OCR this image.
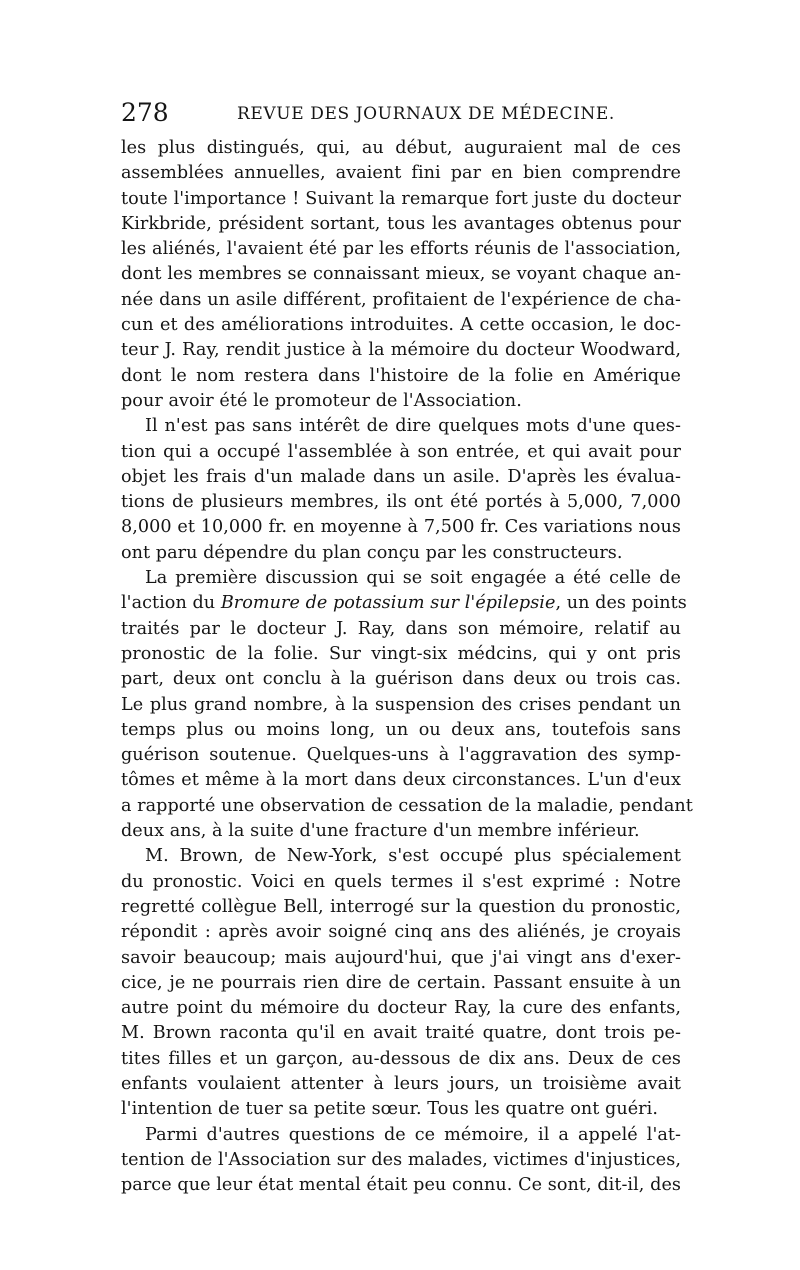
278	REVUE DES JOURNAUX DE MÉDECINE.
les plus distingués, qui, au début, auguraient mal de ces
assemblées annuelles, avaient fini par en bien comprendre
toute l'importance ! Suivant la remarque fort juste du docteur
Kirkbride, président sortant, tous les avantages obtenus pour
les aliénés, l'avaient été par les efforts réunis de l'association,
dont les membres se connaissant mieux, se voyant chaque an-
née dans un asile différent, profitaient de l'expérience de cha-
cun et des améliorations introduites. A cette occasion, le doc-
teur J. Ray, rendit justice à la mémoire du docteur Woodward,
dont le nom restera dans l'histoire de la folie en Amérique
pour avoir été le promoteur de l'Association.
Il n'est pas sans intérêt de dire quelques mots d'une ques-
tion qui a occupé l'assemblée à son entrée, et qui avait pour
objet les frais d'un malade dans un asile. D'après les évalua-
tions de plusieurs membres, ils ont été portés à 5,000, 7,000
8,000 et 10,000 fr. en moyenne à 7,500 fr. Ces variations nous
ont paru dépendre du plan conçu par les constructeurs.
La première discussion qui se soit engagée a été celle de
l'action du Bromure de potassium sur l'épilepsie, un des points
traités par le docteur J. Ray, dans son mémoire, relatif au
pronostic de la folie. Sur vingt-six médcins, qui y ont pris
part, deux ont conclu à la guérison dans deux ou trois cas.
Le plus grand nombre, à la suspension des crises pendant un
temps plus ou moins long, un ou deux ans, toutefois sans
guérison soutenue. Quelques-uns à l'aggravation des symp-
tômes et même à la mort dans deux circonstances. L'un d'eux
a rapporté une observation de cessation de la maladie, pendant
deux ans, à la suite d'une fracture d'un membre inférieur.
M. Brown, de New-York, s'est occupé plus spécialement
du pronostic. Voici en quels termes il s'est exprimé : Notre
regretté collègue Bell, interrogé sur la question du pronostic,
répondit : après avoir soigné cinq ans des aliénés, je croyais
savoir beaucoup; mais aujourd'hui, que j'ai vingt ans d'exer-
cice, je ne pourrais rien dire de certain. Passant ensuite à un
autre point du mémoire du docteur Ray, la cure des enfants,
M. Brown raconta qu'il en avait traité quatre, dont trois pe-
tites filles et un garçon, au-dessous de dix ans. Deux de ces
enfants voulaient attenter à leurs jours, un troisième avait
l'intention de tuer sa petite sœur. Tous les quatre ont guéri.
Parmi d'autres questions de ce mémoire, il a appelé l'at-
tention de l'Association sur des malades, victimes d'injustices,
parce que leur état mental était peu connu. Ce sont, dit-il, des
